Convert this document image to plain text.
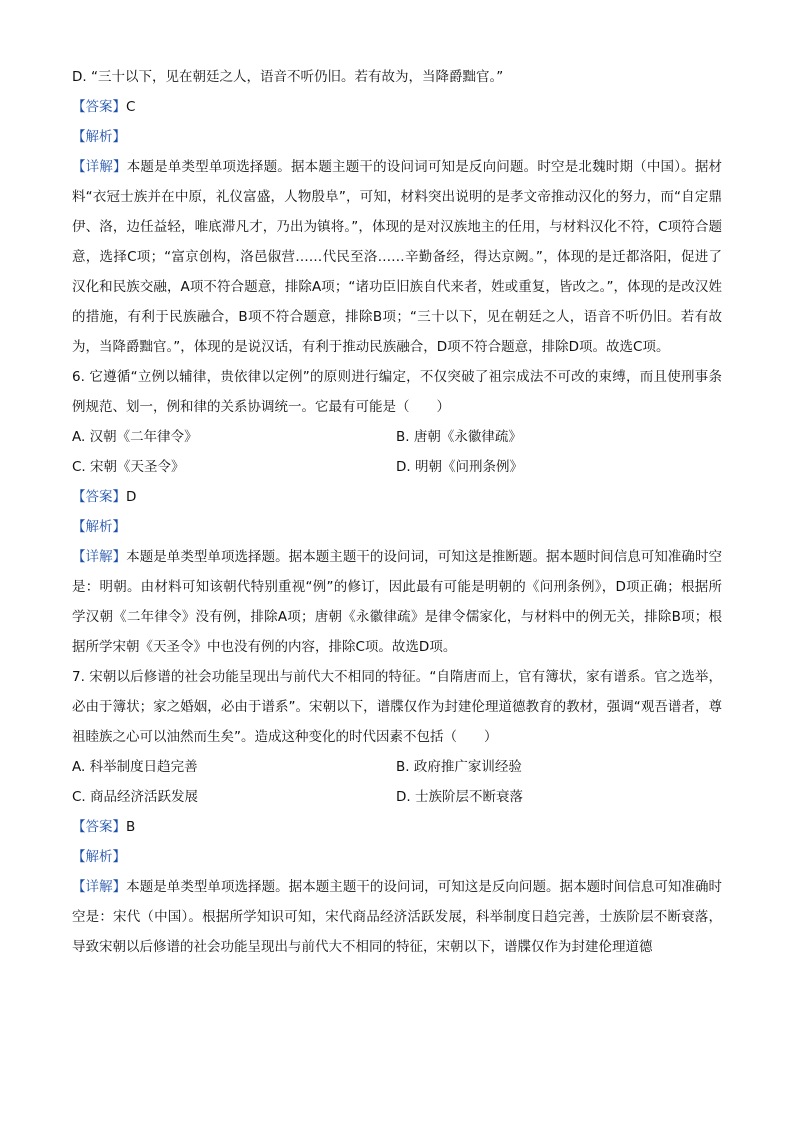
D. “三十以下，见在朝廷之人，语音不听仍旧。若有故为，当降爵黜官。”

【答案】C

【解析】

【详解】本题是单类型单项选择题。据本题主题干的设问词可知是反向问题。时空是北魏时期（中国）。据材料“衣冠士族并在中原，礼仪富盛，人物殷阜”，可知，材料突出说明的是孝文帝推动汉化的努力，而“自定鼎伊、洛，边任益轻，唯底滞凡才，乃出为镇将。”，体现的是对汉族地主的任用，与材料汉化不符，C项符合题意，选择C项；“富京创构，洛邑俶营……代民至洛……辛勤备经，得达京阙。”，体现的是迁都洛阳，促进了汉化和民族交融，A项不符合题意，排除A项；“诸功臣旧族自代来者，姓或重复，皆改之。”，体现的是改汉姓的措施，有利于民族融合，B项不符合题意，排除B项；“三十以下，见在朝廷之人，语音不听仍旧。若有故为，当降爵黜官。”，体现的是说汉话，有利于推动民族融合，D项不符合题意，排除D项。故选C项。

6. 它遵循“立例以辅律，贵依律以定例”的原则进行编定，不仅突破了祖宗成法不可改的束缚，而且使刑事条例规范、划一，例和律的关系协调统一。它最有可能是（　　）

A. 汉朝《二年律令》	B. 唐朝《永徽律疏》
C. 宋朝《天圣令》	D. 明朝《问刑条例》

【答案】D

【解析】

【详解】本题是单类型单项选择题。据本题主题干的设问词，可知这是推断题。据本题时间信息可知准确时空是：明朝。由材料可知该朝代特别重视“例”的修订，因此最有可能是明朝的《问刑条例》，D项正确；根据所学汉朝《二年律令》没有例，排除A项；唐朝《永徽律疏》是律令儒家化，与材料中的例无关，排除B项；根据所学宋朝《天圣令》中也没有例的内容，排除C项。故选D项。

7. 宋朝以后修谱的社会功能呈现出与前代大不相同的特征。“自隋唐而上，官有簿状，家有谱系。官之选举，必由于簿状；家之婚姻，必由于谱系”。宋朝以下，谱牒仅作为封建伦理道德教育的教材，强调“观吾谱者，尊祖睦族之心可以油然而生矣”。造成这种变化的时代因素不包括（　　）

A. 科举制度日趋完善	B. 政府推广家训经验
C. 商品经济活跃发展	D. 士族阶层不断衰落

【答案】B

【解析】

【详解】本题是单类型单项选择题。据本题主题干的设问词，可知这是反向问题。据本题时间信息可知准确时空是：宋代（中国）。根据所学知识可知，宋代商品经济活跃发展，科举制度日趋完善，士族阶层不断衰落，导致宋朝以后修谱的社会功能呈现出与前代大不相同的特征，宋朝以下，谱牒仅作为封建伦理道德
